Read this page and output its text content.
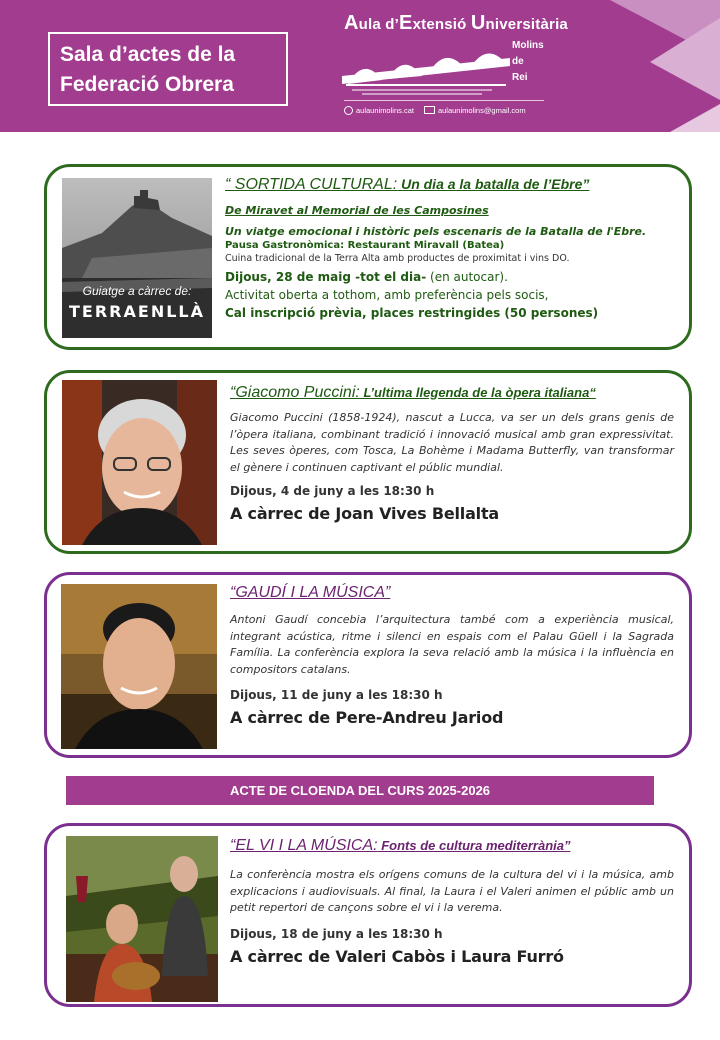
Sala d’actes de la
Federació Obrera
Aula d’Extensió Universitària
Molins
de
Rei
aulaunimolins.cat	aulaunimolins@gmail.com
Guiatge a càrrec de:
TERRAENLLÀ
“ SORTIDA CULTURAL: Un dia a la batalla de l’Ebre”
De Miravet al Memorial de les Camposines
Un viatge emocional i històric pels escenaris de la Batalla de l'Ebre.
Pausa Gastronòmica: Restaurant Miravall (Batea)
Cuina tradicional de la Terra Alta amb productes de proximitat i vins DO.
Dijous, 28 de maig -tot el dia- (en autocar).
Activitat oberta a tothom, amb preferència pels socis,
Cal inscripció prèvia, places restringides (50 persones)
“Giacomo Puccini: L’ultima llegenda de la òpera italiana“
Giacomo Puccini (1858-1924), nascut a Lucca, va ser un dels grans genis de l’òpera italiana, combinant tradició i innovació musical amb gran expressivitat. Les seves òperes, com Tosca, La Bohème i Madama Butterfly, van transformar el gènere i continuen captivant el públic mundial.
Dijous, 4 de juny a les 18:30 h
A càrrec de Joan Vives Bellalta
“GAUDÍ I LA MÚSICA”
Antoni Gaudí concebia l’arquitectura també com a experiència musical, integrant acústica, ritme i silenci en espais com el Palau Güell i la Sagrada Família. La conferència explora la seva relació amb la música i la influència en compositors catalans.
Dijous, 11 de juny a les 18:30 h
A càrrec de Pere-Andreu Jariod
ACTE DE CLOENDA DEL CURS 2025-2026
“EL VI I LA MÚSICA: Fonts de cultura mediterrània”
La conferència mostra els orígens comuns de la cultura del vi i la música, amb explicacions i audiovisuals. Al final, la Laura i el Valeri animen el públic amb un petit repertori de cançons sobre el vi i la verema.
Dijous, 18 de juny a les 18:30 h
A càrrec de Valeri Cabòs i Laura Furró
